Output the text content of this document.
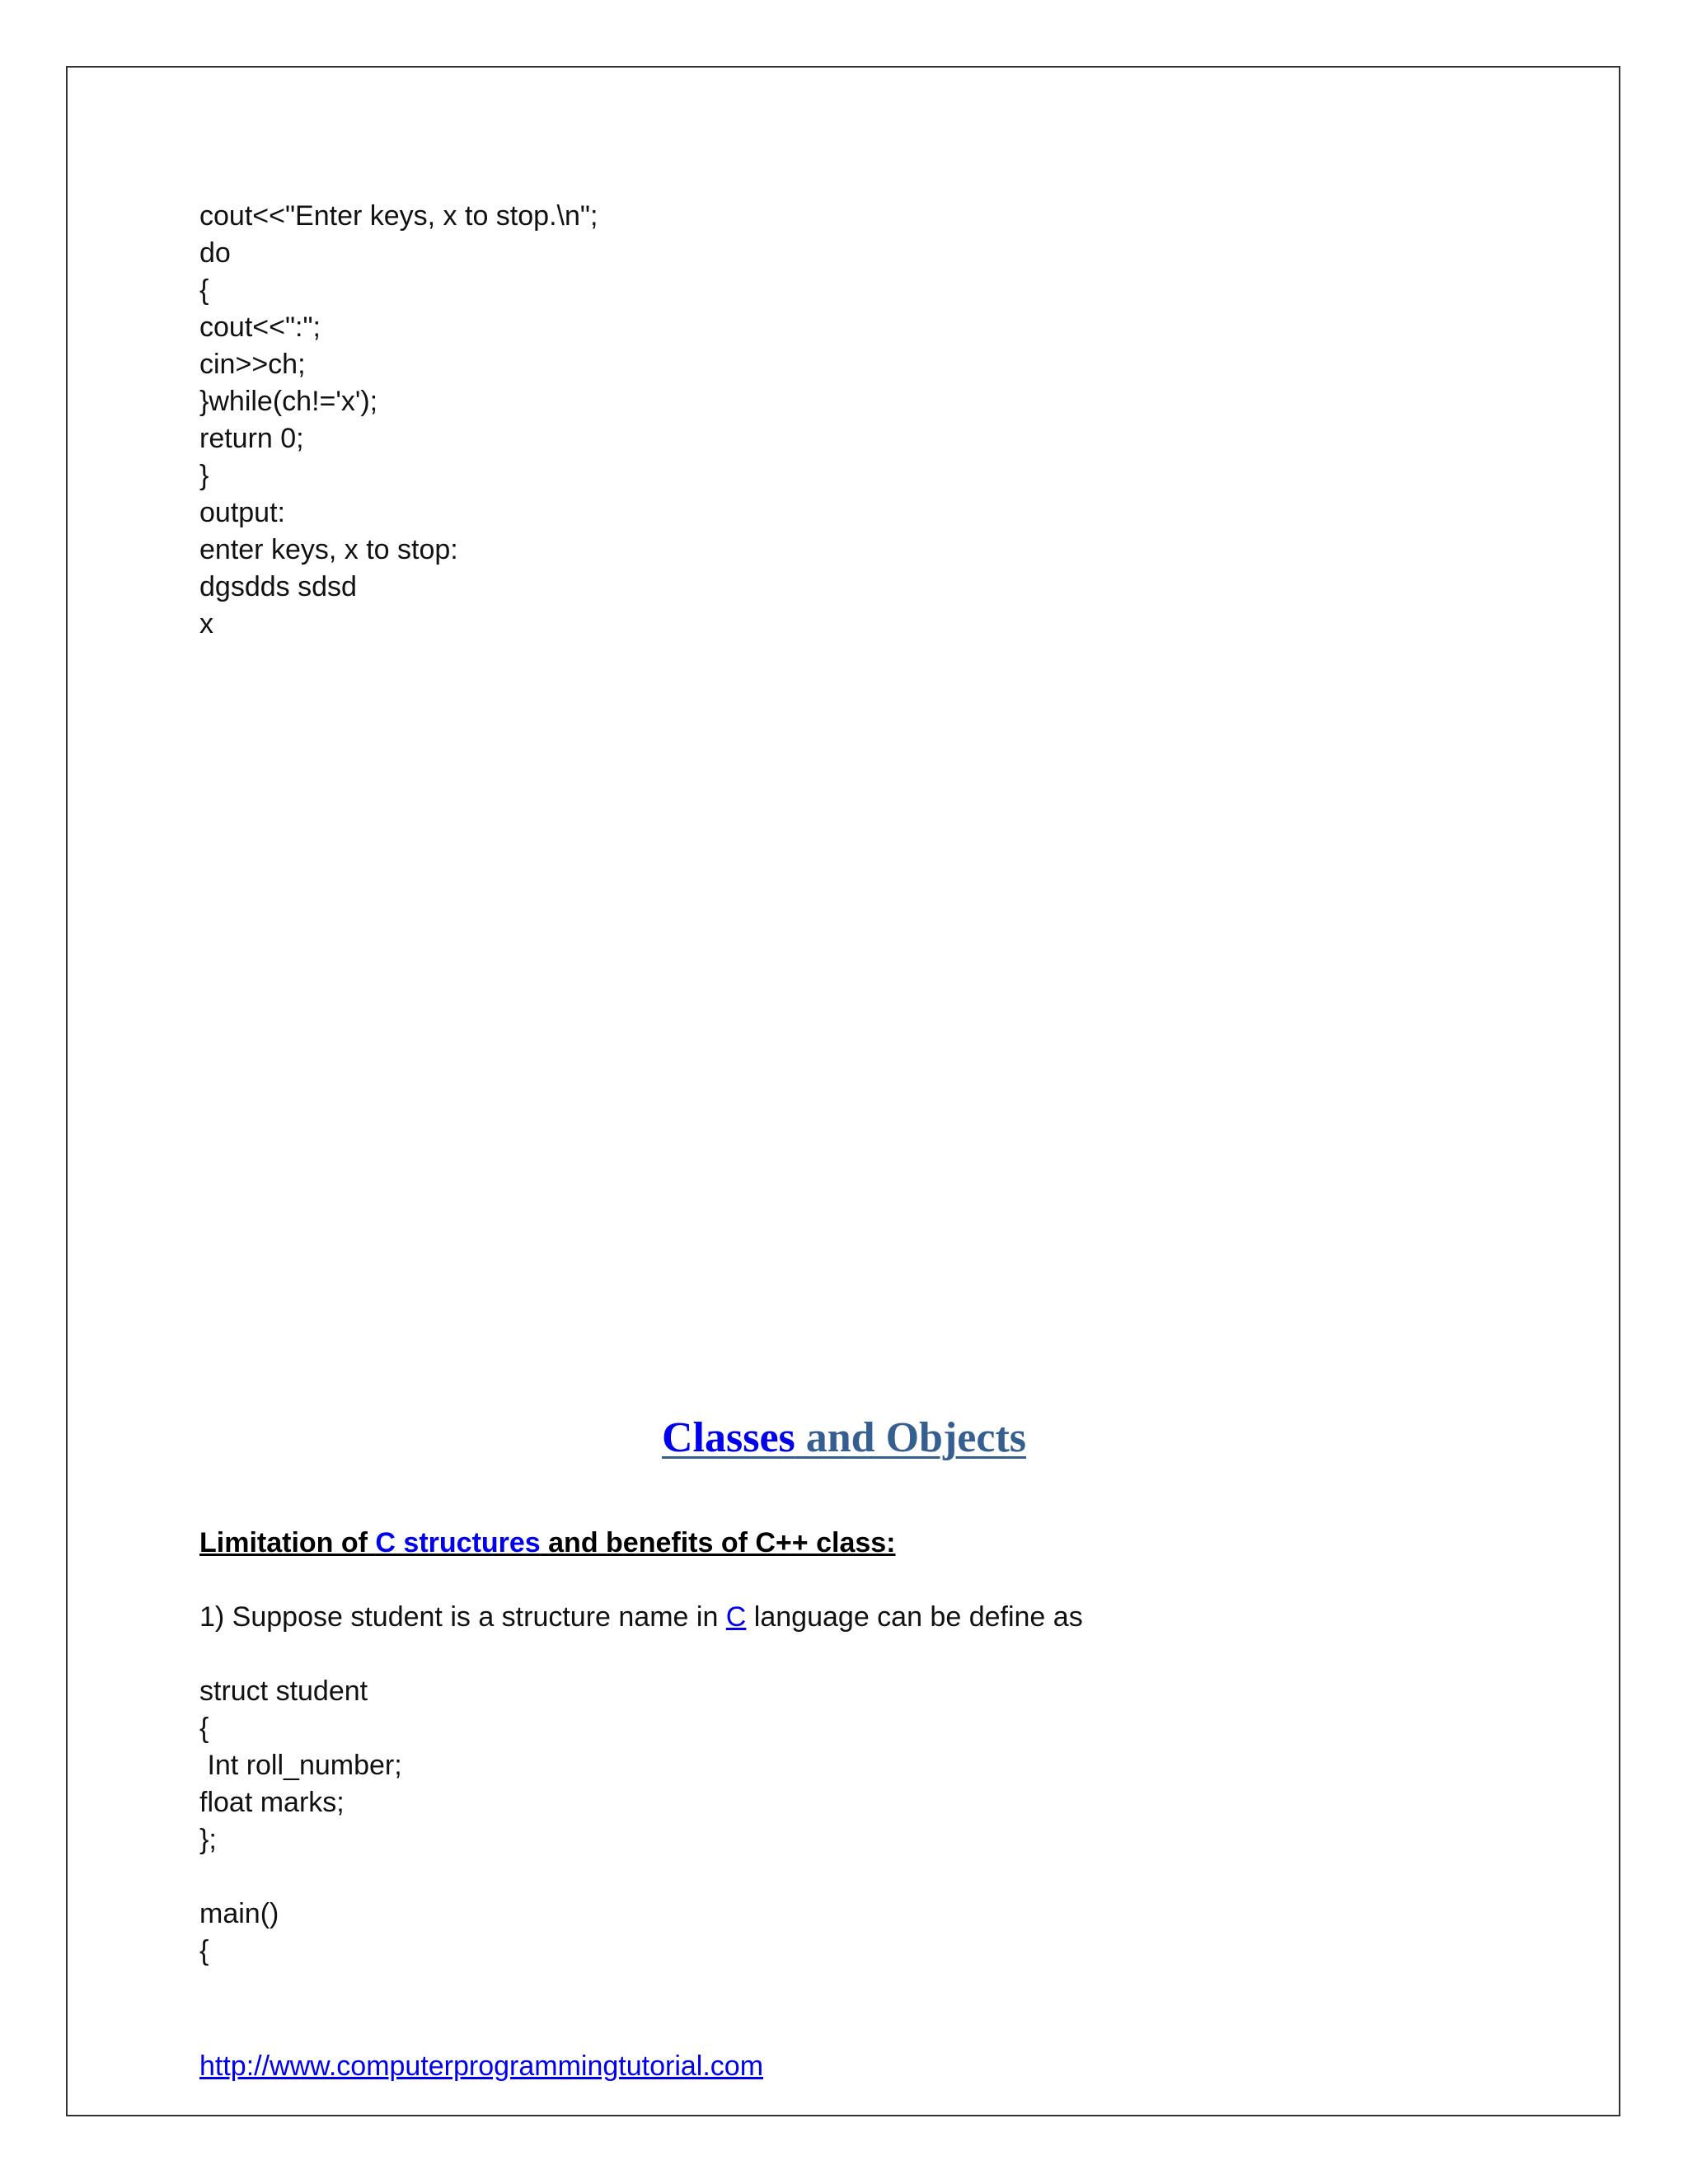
cout<<"Enter keys, x to stop.\n";
do
{
cout<<":";
cin>>ch;
}while(ch!='x');
return 0;
}
output:
enter keys, x to stop:
dgsdds sdsd
x
Classes and Objects
Limitation of C structures and benefits of C++ class:
1) Suppose student is a structure name in C language can be define as
struct student
{
Int roll_number;
float marks;
};
main()
{
http://www.computerprogrammingtutorial.com
